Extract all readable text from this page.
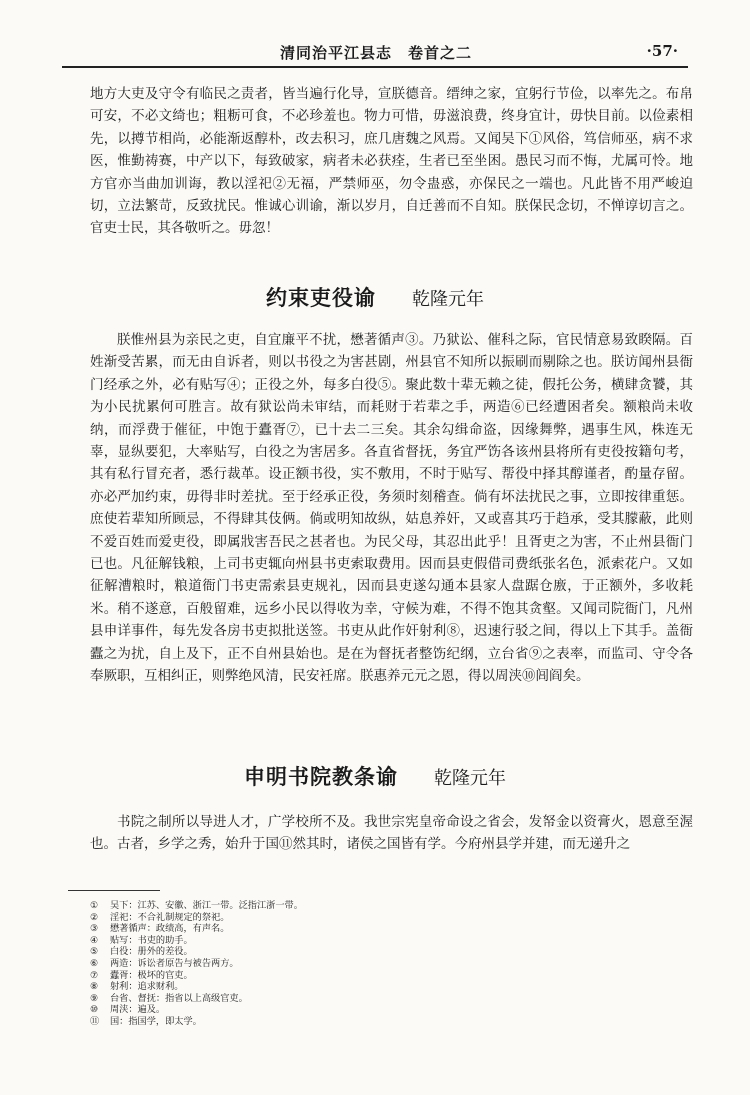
清同治平江县志　卷首之二	·57·

地方大吏及守令有临民之责者，皆当遍行化导，宣朕德音。缙绅之家，宜躬行节俭，以率先之。布帛可安，不必文绮也；粗粝可食，不必珍羞也。物力可惜，毋滋浪费，终身宜计，毋快目前。以俭素相先，以撙节相尚，必能渐返醇朴，改去积习，庶几唐魏之风焉。又闻吴下①风俗，笃信师巫，病不求医，惟勤祷赛，中产以下，每致破家，病者未必获痊，生者已至坐困。愚民习而不悔，尤属可怜。地方官亦当曲加训诲，教以淫祀②无福，严禁师巫，勿令蛊惑，亦保民之一端也。凡此皆不用严峻迫切，立法繁苛，反致扰民。惟诚心训谕，渐以岁月，自迁善而不自知。朕保民念切，不惮谆切言之。官吏士民，其各敬听之。毋忽！

约束吏役谕 乾隆元年

朕惟州县为亲民之吏，自宜廉平不扰，懋著循声③。乃狱讼、催科之际，官民情意易致睽隔。百姓渐受苦累，而无由自诉者，则以书役之为害甚剧，州县官不知所以振刷而剔除之也。朕访闻州县衙门经承之外，必有贴写④；正役之外，每多白役⑤。聚此数十辈无赖之徒，假托公务，横肆贪饕，其为小民扰累何可胜言。故有狱讼尚未审结，而耗财于若辈之手，两造⑥已经遭困者矣。额粮尚未收纳，而浮费于催征，中饱于蠹胥⑦，已十去二三矣。其余勾缉命盗，因缘舞弊，遇事生风，株连无辜，显纵要犯，大率贴写，白役之为害居多。各直省督抚，务宜严饬各该州县将所有吏役按籍句考，其有私行冒充者，悉行裁革。设正额书役，实不敷用，不时于贴写、帮役中择其醇谨者，酌量存留。亦必严加约束，毋得非时差扰。至于经承正役，务须时刻稽查。倘有坏法扰民之事，立即按律重惩。庶使若辈知所顾忌，不得肆其伎俩。倘或明知故纵，姑息养奸，又或喜其巧于趋承，受其朦蔽，此则不爱百姓而爱吏役，即属戕害吾民之甚者也。为民父母，其忍出此乎！且胥吏之为害，不止州县衙门已也。凡征解钱粮，上司书吏辄向州县书吏索取费用。因而县吏假借司费纸张名色，派索花户。又如征解漕粮时，粮道衙门书吏需索县吏规礼，因而县吏遂勾通本县家人盘踞仓廒，于正额外，多收耗米。稍不遂意，百般留难，远乡小民以得收为幸，守候为难，不得不饱其贪壑。又闻司院衙门，凡州县申详事件，每先发各房书吏拟批送签。书吏从此作奸射利⑧，迟速行驳之间，得以上下其手。盖衙蠹之为扰，自上及下，正不自州县始也。是在为督抚者整饬纪纲，立台省⑨之表率，而监司、守令各奉厥职，互相纠正，则弊绝风清，民安衽席。朕惠养元元之恩，得以周浃⑩闾阎矣。

申明书院教条谕 乾隆元年

书院之制所以导进人才，广学校所不及。我世宗宪皇帝命设之省会，发帑金以资膏火，恩意至渥也。古者，乡学之秀，始升于国⑪然其时，诸侯之国皆有学。今府州县学并建，而无递升之

① 吴下：江苏、安徽、浙江一带。泛指江浙一带。
② 淫祀：不合礼制规定的祭祀。
③ 懋著循声：政绩高，有声名。
④ 贴写：书吏的助手。
⑤ 白役：册外的差役。
⑥ 两造：诉讼者原告与被告两方。
⑦ 蠹胥：极坏的官吏。
⑧ 射利：追求财利。
⑨ 台省、督抚：指省以上高级官吏。
⑩ 周浃：遍及。
⑪ 国：指国学，即太学。
